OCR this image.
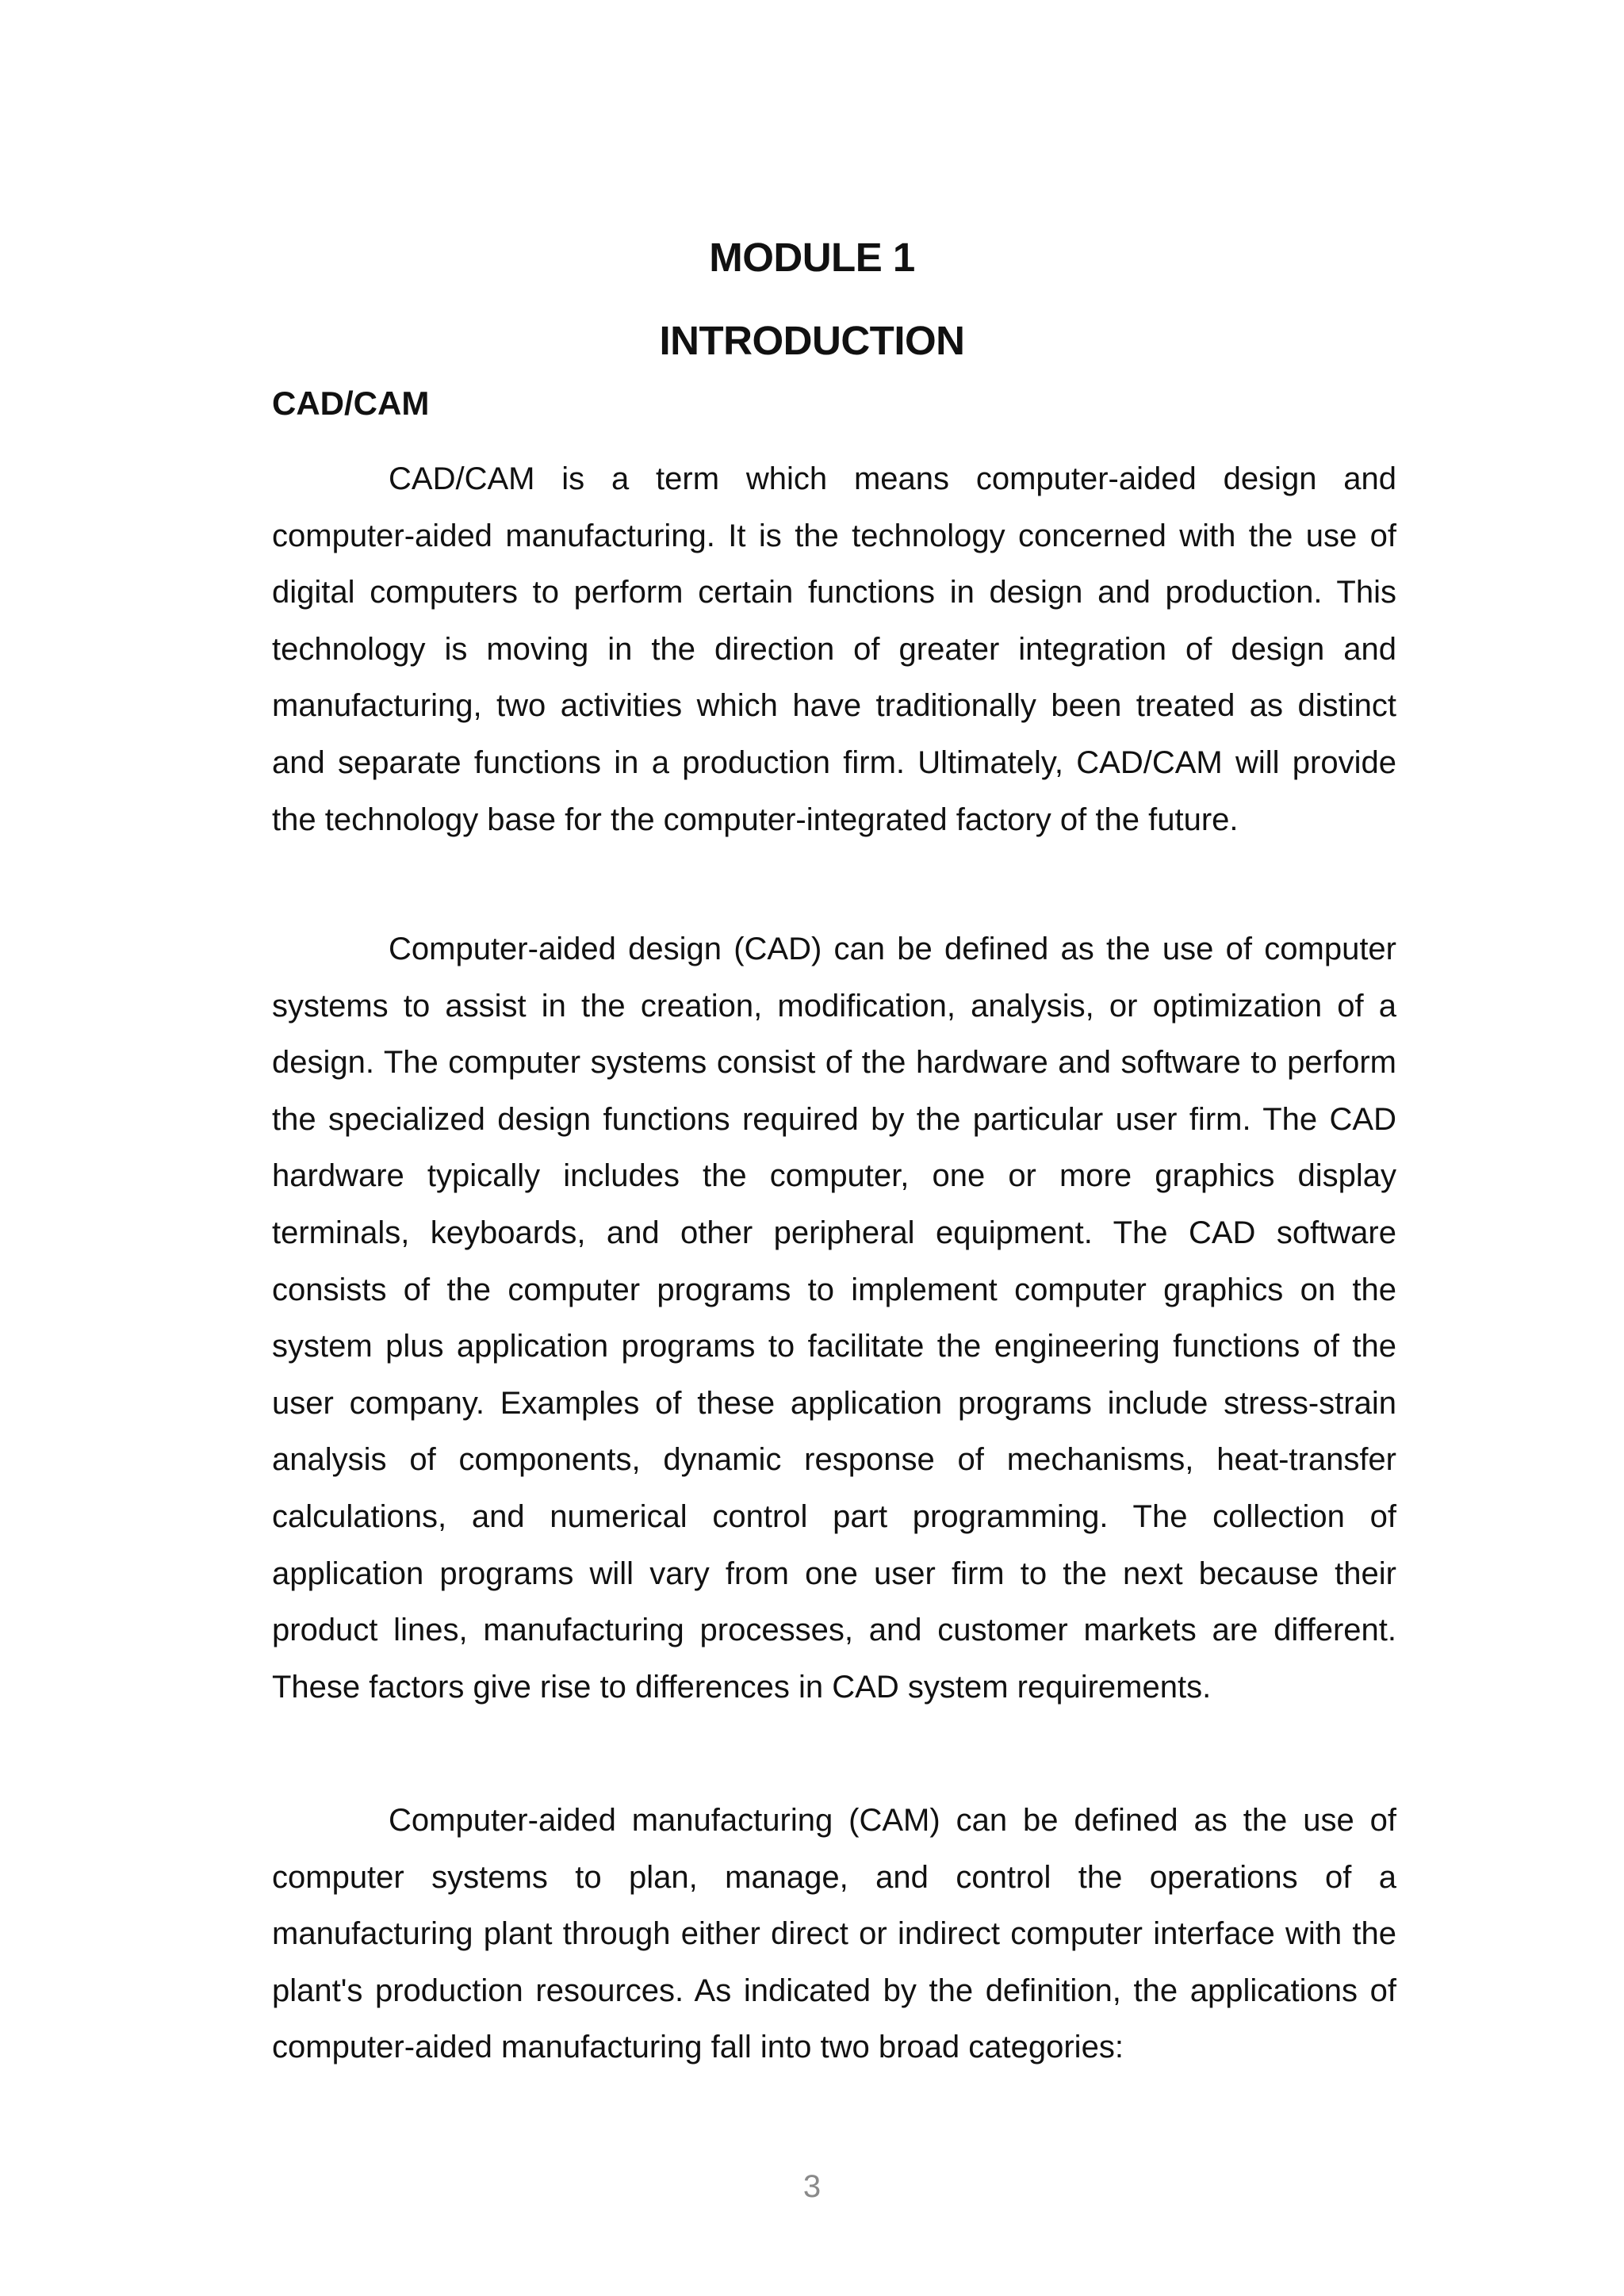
MODULE 1
INTRODUCTION
CAD/CAM

CAD/CAM is a term which means computer-aided design and computer-aided manufacturing. It is the technology concerned with the use of digital computers to perform certain functions in design and production. This technology is moving in the direction of greater integration of design and manufacturing, two activities which have traditionally been treated as distinct and separate functions in a production firm. Ultimately, CAD/CAM will provide the technology base for the computer-integrated factory of the future.

Computer-aided design (CAD) can be defined as the use of computer systems to assist in the creation, modification, analysis, or optimization of a design. The computer systems consist of the hardware and software to perform the specialized design functions required by the particular user firm. The CAD hardware typically includes the computer, one or more graphics display terminals, keyboards, and other peripheral equipment. The CAD software consists of the computer programs to implement computer graphics on the system plus application programs to facilitate the engineering functions of the user company. Examples of these application programs include stress-strain analysis of components, dynamic response of mechanisms, heat-transfer calculations, and numerical control part programming. The collection of application programs will vary from one user firm to the next because their product lines, manufacturing processes, and customer markets are different. These factors give rise to differences in CAD system requirements.

Computer-aided manufacturing (CAM) can be defined as the use of computer systems to plan, manage, and control the operations of a manufacturing plant through either direct or indirect computer interface with the plant's production resources. As indicated by the definition, the applications of computer-aided manufacturing fall into two broad categories:

3
